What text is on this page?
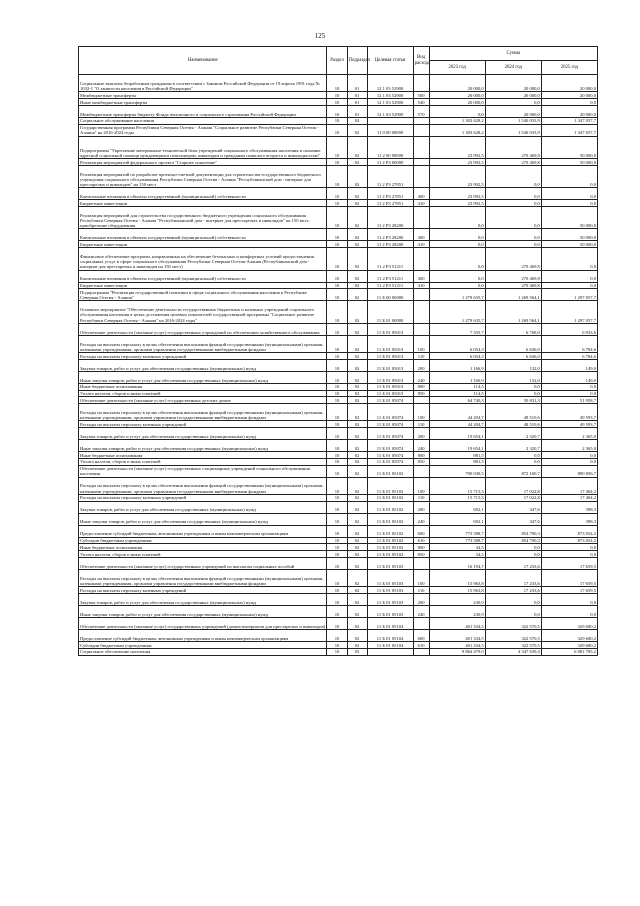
125
Наименование	Раздел	Подраздел	Целевая статья	Вид расхода	Сумма		
					2023 год	2024 год	2025 год
Социальные выплаты безработным гражданам в соответствии с Законом Российской Федерации от 19 апреля 1991 года № 1032-1 "О занятости населения в Российской Федерации"	10	01	12 1 03 52900		20 000,0	20 000,0	20 000,0
Межбюджетные трансферты	10	01	12 1 03 52900	500	20 000,0	20 000,0	20 000,0
Иные межбюджетные трансферты	10	01	12 1 03 52900	540	20 000,0	0,0	0,0
Межбюджетные трансферты бюджету Фонда пенсионного и социального страхования Российской Федерации	10	01	12 1 03 52900	570	0,0	20 000,0	20 000,0
Социальное обслуживание населения	10	02			1 303 628,2	1 540 033,9	1 347 057,7
Государственная программа Республики Северная Осетия - Алания "Социальное развитие Республики Северная Осетия - Алания" на 2016-2024 годы	10	02	11 0 00 00000		1 303 628,2	1 540 033,9	1 347 057,7
Подпрограмма "Укрепление материально-технической базы учреждений социального обслуживания населения и оказание адресной социальной помощи нуждающимся пенсионерам, инвалидам и гражданам пожилого возраста и инвалидностью"	10	02	11 2 00 00000		23 992,5	270 469,8	50 000,0
Реализация мероприятий федерального проекта "Старшее поколение"	10	02	11 2 P3 00000		23 992,5	270 469,8	50 000,0
Реализация мероприятий по разработке проектно-сметной документации для строительства государственного бюджетного учреждения социального обслуживания Республики Северная Осетия - Алания "Республиканский дом - интернат для престарелых и инвалидов" на 150 мест	10	02	11 2 P3 27851		23 992,5	0,0	0,0
Капитальные вложения в объекты государственной (муниципальной) собственности	10	02	11 2 P3 27851	400	23 992,5	0,0	0,0
Бюджетные инвестиции	10	02	11 2 P3 27851	410	23 992,5	0,0	0,0
Реализация мероприятий для строительства государственного бюджетного учреждения социального обслуживания Республики Северная Осетия - Алания "Республиканский дом - интернат для престарелых и инвалидов" на 150 мест, приобретение оборудования	10	02	11 2 P3 28200		0,0	0,0	50 000,0
Капитальные вложения в объекты государственной (муниципальной) собственности	10	02	11 2 P3 28200	400	0,0	0,0	50 000,0
Бюджетные инвестиции	10	02	11 2 P3 28200	410	0,0	0,0	50 000,0
Финансовое обеспечение программ, направленных на обеспечение безопасных и комфортных условий предоставления социальных услуг в сфере социального обслуживания Республики Северная Осетия-Алания (Республиканский дом - интернат для престарелых и инвалидов на 150 мест)	10	02	11 2 P3 51211		0,0	270 469,8	0,0
Капитальные вложения в объекты государственной (муниципальной) собственности	10	02	11 2 P3 51211	400	0,0	270 469,8	0,0
Бюджетные инвестиции	10	02	11 2 P3 51211	410	0,0	270 469,8	0,0
Подпрограмма "Реализация государственной политики в сфере социального обслуживания населения в Республике Северная Осетия - Алания"	10	02	11 Б 00 00000		1 279 635,7	1 269 564,1	1 297 057,7
Основное мероприятие "Обеспечение деятельности государственных бюджетных и казенных учреждений социального обслуживания населения в целях достижения целевых показателей государственной программы "Социальное развитие Республики Северная Осетия - Алания" на 2016-2024 годы"	10	02	11 Б 01 00000		1 279 635,7	1 269 564,1	1 297 057,7
Обеспечение деятельности (оказание услуг) государственных учреждений по обеспечению хозяйственного обслуживания	10	02	11 Б 01 05013		7 335,7	6 768,0	6 933,6
Расходы на выплаты персоналу в целях обеспечения выполнения функций государственными (муниципальными) органами, казенными учреждениями, органами управления государственными внебюджетными фондами	10	02	11 Б 01 05013	100	6 054,3	6 636,0	6 784,6
Расходы на выплаты персоналу казенных учреждений	10	02	11 Б 01 05013	110	6 054,3	6 636,0	6 784,6
Закупка товаров, работ и услуг для обеспечения государственных (муниципальных) нужд	10	02	11 Б 01 05013	200	1 166,9	132,0	149,0
Иные закупки товаров, работ и услуг для обеспечения государственных (муниципальных) нужд	10	02	11 Б 01 05013	240	1 166,9	132,0	149,0
Иные бюджетные ассигнования	10	02	11 Б 01 05013	800	114,5	0,0	0,0
Уплата налогов, сборов и иных платежей	10	02	11 Б 01 05013	850	114,5	0,0	0,0
Обеспечение деятельности (оказание услуг) государственных детских домов	10	02	11 Б 01 05074		64 740,3	50 831,3	51 958,7
Расходы на выплаты персоналу в целях обеспечения выполнения функций государственными (муниципальными) органами, казенными учреждениями, органами управления государственными внебюджетными фондами	10	02	11 Б 01 05074	100	44 204,7	48 510,6	49 593,7
Расходы на выплаты персоналу казенных учреждений	10	02	11 Б 01 05074	110	44 204,7	48 510,6	49 593,7
Закупка товаров, работ и услуг для обеспечения государственных (муниципальных) нужд	10	02	11 Б 01 05074	200	19 654,1	2 320,7	2 365,0
Иные закупки товаров, работ и услуг для обеспечения государственных (муниципальных) нужд	10	02	11 Б 01 05074	240	19 654,1	2 320,7	2 365,0
Иные бюджетные ассигнования	10	02	11 Б 01 05074	800	881,5	0,0	0,0
Уплата налогов, сборов и иных платежей	10	02	11 Б 01 05074	850	881,5	0,0	0,0
Обеспечение деятельности (оказание услуг) государственных стационарных учреждений социального обслуживания населения	10	02	11 Б 01 05102		790 030,5	872 160,7	890 856,7
Расходы на выплаты персоналу в целях обеспечения выполнения функций государственными (муниципальными) органами, казенными учреждениями, органами управления государственными внебюджетными фондами	10	02	11 Б 01 05102	100	15 715,3	17 022,8	17 404,2
Расходы на выплаты персоналу казенных учреждений	10	02	11 Б 01 05102	110	15 715,3	17 022,8	17 404,2
Закупка товаров, работ и услуг для обеспечения государственных (муниципальных) нужд	10	02	11 Б 01 05102	200	692,1	347,6	398,3
Иные закупки товаров, работ и услуг для обеспечения государственных (муниципальных) нужд	10	02	11 Б 01 05102	240	692,1	347,6	398,3
Предоставление субсидий бюджетным, автономным учреждениям и иным некоммерческим организациям	10	02	11 Б 01 05102	600	773 588,7	854 790,3	873 054,2
Субсидии бюджетным учреждениям	10	02	11 Б 01 05102	610	773 588,7	854 790,3	873 054,2
Иные бюджетные ассигнования	10	02	11 Б 01 05102	800	34,5	0,0	0,0
Уплата налогов, сборов и иных платежей	10	02	11 Б 01 05102	850	34,5	0,0	0,0
Обеспечение деятельности (оказание услуг) государственных учреждений по выплатам социальных пособий	10	02	11 Б 01 05103		16 194,7	17 233,6	17 659,5
Расходы на выплаты персоналу в целях обеспечения выполнения функций государственными (муниципальными) органами, казенными учреждениями, органами управления государственными внебюджетными фондами	10	02	11 Б 01 05103	100	15 963,8	17 233,6	17 659,5
Расходы на выплаты персоналу казенных учреждений	10	02	11 Б 01 05103	110	15 963,8	17 233,6	17 659,5
Закупка товаров, работ и услуг для обеспечения государственных (муниципальных) нужд	10	02	11 Б 01 05103	200	230,9	0,0	0,0
Иные закупки товаров, работ и услуг для обеспечения государственных (муниципальных) нужд	10	02	11 Б 01 05103	240	230,9	0,0	0,0
Обеспечение деятельности (оказание услуг) государственных учреждений (домов-интернатов для престарелых и инвалидов)	10	02	11 Б 01 05104		401 334,5	322 570,5	329 680,2
Предоставление субсидий бюджетным, автономным учреждениям и иным некоммерческим организациям	10	02	11 Б 01 05104	600	401 334,5	322 570,5	329 680,2
Субсидии бюджетным учреждениям	10	02	11 Б 01 05104	610	401 334,5	322 570,5	329 680,2
Социальное обеспечение населения	10	03			9 864 479,0	4 347 639,4	6 081 785,2
